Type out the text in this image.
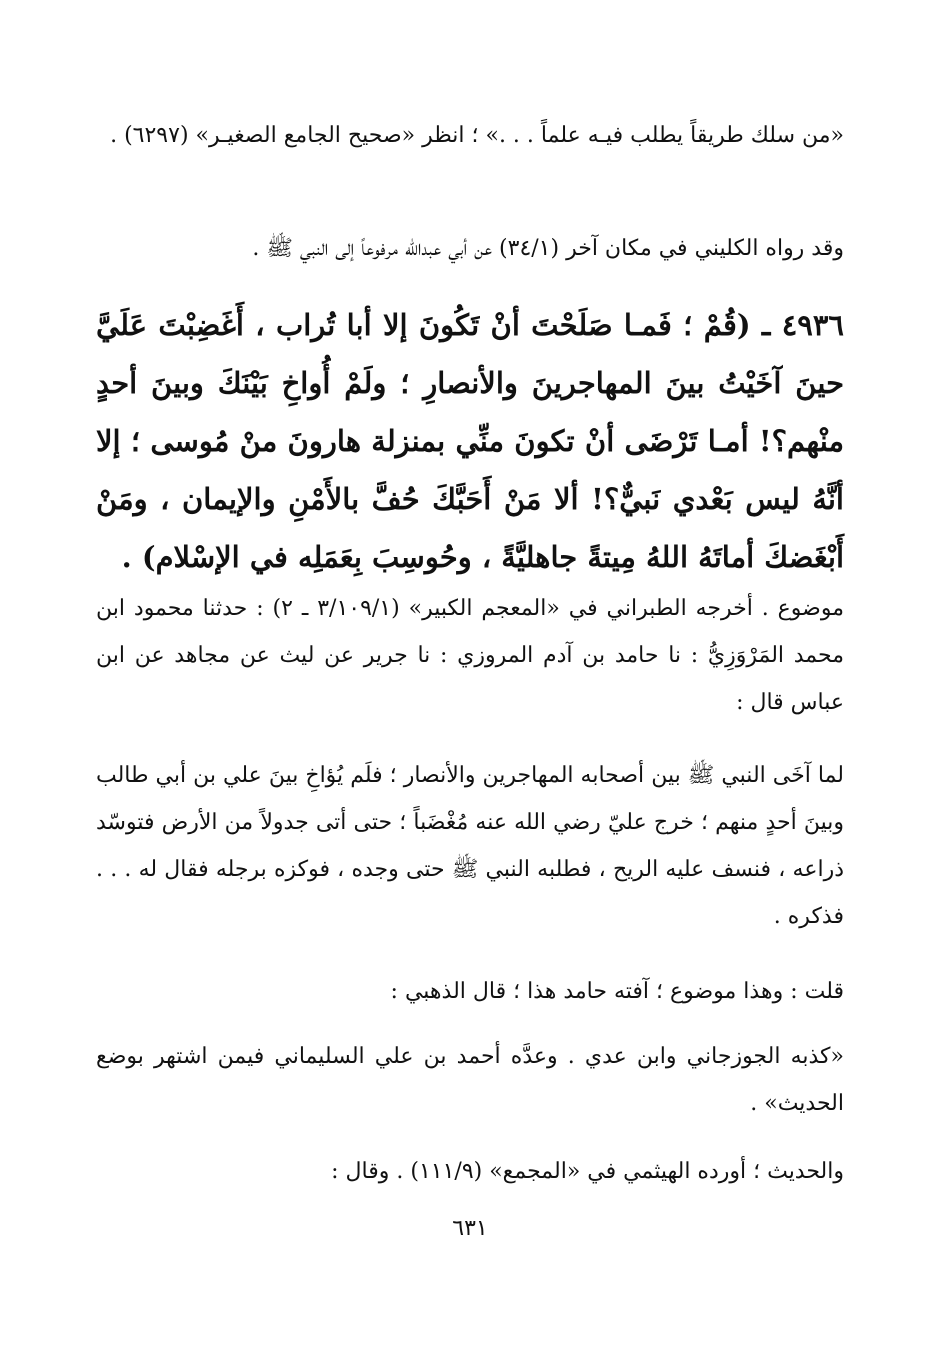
«من سلك طريقاً يطلب فيـه علماً . . .» ؛ انظر «صحيح الجامع الصغيـر» (٦٢٩٧) .

وقد رواه الكليني في مكان آخر (٣٤/١) عن أبي عبدالله مرفوعاً إلى النبي ﷺ .

٤٩٣٦ ـ (قُمْ ؛ فَمـا صَلَحْتَ أنْ تَكُونَ إلا أبا تُراب ، أَغَضِبْتَ عَلَيَّ حينَ آخَيْتُ بينَ المهاجرينَ والأنصارِ ؛ ولَمْ أُواخِ بَيْنَكَ وبينَ أحدٍ منْهم؟! أمـا تَرْضَى أنْ تكونَ منِّي بمنزلة هارونَ منْ مُوسى ؛ إلا أنَّهُ ليس بَعْدي نَبيٌّ؟! ألا مَنْ أَحَبَّكَ حُفَّ بالأَمْنِ والإيمان ، ومَنْ أَبْغَضكَ أماتَهُ اللهُ مِيتةً جاهليَّةً ، وحُوسِبَ بِعَمَلِه في الإسْلام) .

موضوع . أخرجه الطبراني في «المعجم الكبير» (٣/١٠٩/١ ـ ٢) : حدثنا محمود ابن محمد المَرْوَزِيُّ : نا حامد بن آدم المروزي : نا جرير عن ليث عن مجاهد عن ابن عباس قال :

لما آخَى النبي ﷺ بين أصحابه المهاجرين والأنصار ؛ فلَم يُؤاخِ بينَ علي بن أبي طالب وبينَ أحدٍ منهم ؛ خرج عليّ رضي الله عنه مُغْضَباً ؛ حتى أتى جدولاً من الأرض فتوسّد ذراعه ، فنسف عليه الريح ، فطلبه النبي ﷺ حتى وجده ، فوكزه برجله فقال له . . . فذكره .

قلت : وهذا موضوع ؛ آفته حامد هذا ؛ قال الذهبي :

«كذبه الجوزجاني وابن عدي . وعدَّه أحمد بن علي السليماني فيمن اشتهر بوضع الحديث» .

والحديث ؛ أورده الهيثمي في «المجمع» (١١١/٩) . وقال :

٦٣١
